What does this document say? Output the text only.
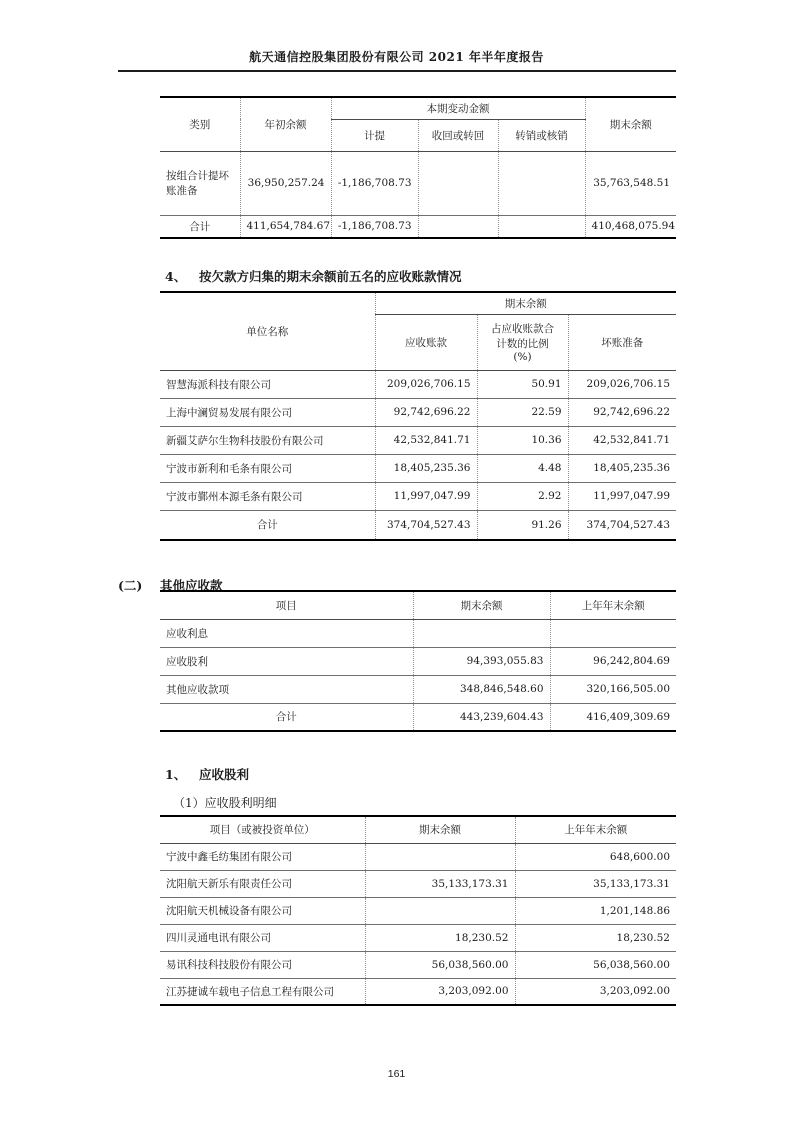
航天通信控股集团股份有限公司 2021 年半年度报告
类别	年初余额	本期变动金额			期末余额
		计提	收回或转回	转销或核销	
按组合计提坏账准备	36,950,257.24	-1,186,708.73			35,763,548.51
合计	411,654,784.67	-1,186,708.73			410,468,075.94
4、 按欠款方归集的期末余额前五名的应收账款情况
单位名称	期末余额		
	应收账款	占应收账款合计数的比例(%)	坏账准备
智慧海派科技有限公司	209,026,706.15	50.91	209,026,706.15
上海中澜贸易发展有限公司	92,742,696.22	22.59	92,742,696.22
新疆艾萨尔生物科技股份有限公司	42,532,841.71	10.36	42,532,841.71
宁波市新利和毛条有限公司	18,405,235.36	4.48	18,405,235.36
宁波市鄞州本源毛条有限公司	11,997,047.99	2.92	11,997,047.99
合计	374,704,527.43	91.26	374,704,527.43
(二) 其他应收款
项目	期末余额	上年年末余额
应收利息		
应收股利	94,393,055.83	96,242,804.69
其他应收款项	348,846,548.60	320,166,505.00
合计	443,239,604.43	416,409,309.69
1、 应收股利
（1）应收股利明细
项目（或被投资单位）	期末余额	上年年末余额
宁波中鑫毛纺集团有限公司		648,600.00
沈阳航天新乐有限责任公司	35,133,173.31	35,133,173.31
沈阳航天机械设备有限公司		1,201,148.86
四川灵通电讯有限公司	18,230.52	18,230.52
易讯科技科技股份有限公司	56,038,560.00	56,038,560.00
江苏捷诚车载电子信息工程有限公司	3,203,092.00	3,203,092.00
161
